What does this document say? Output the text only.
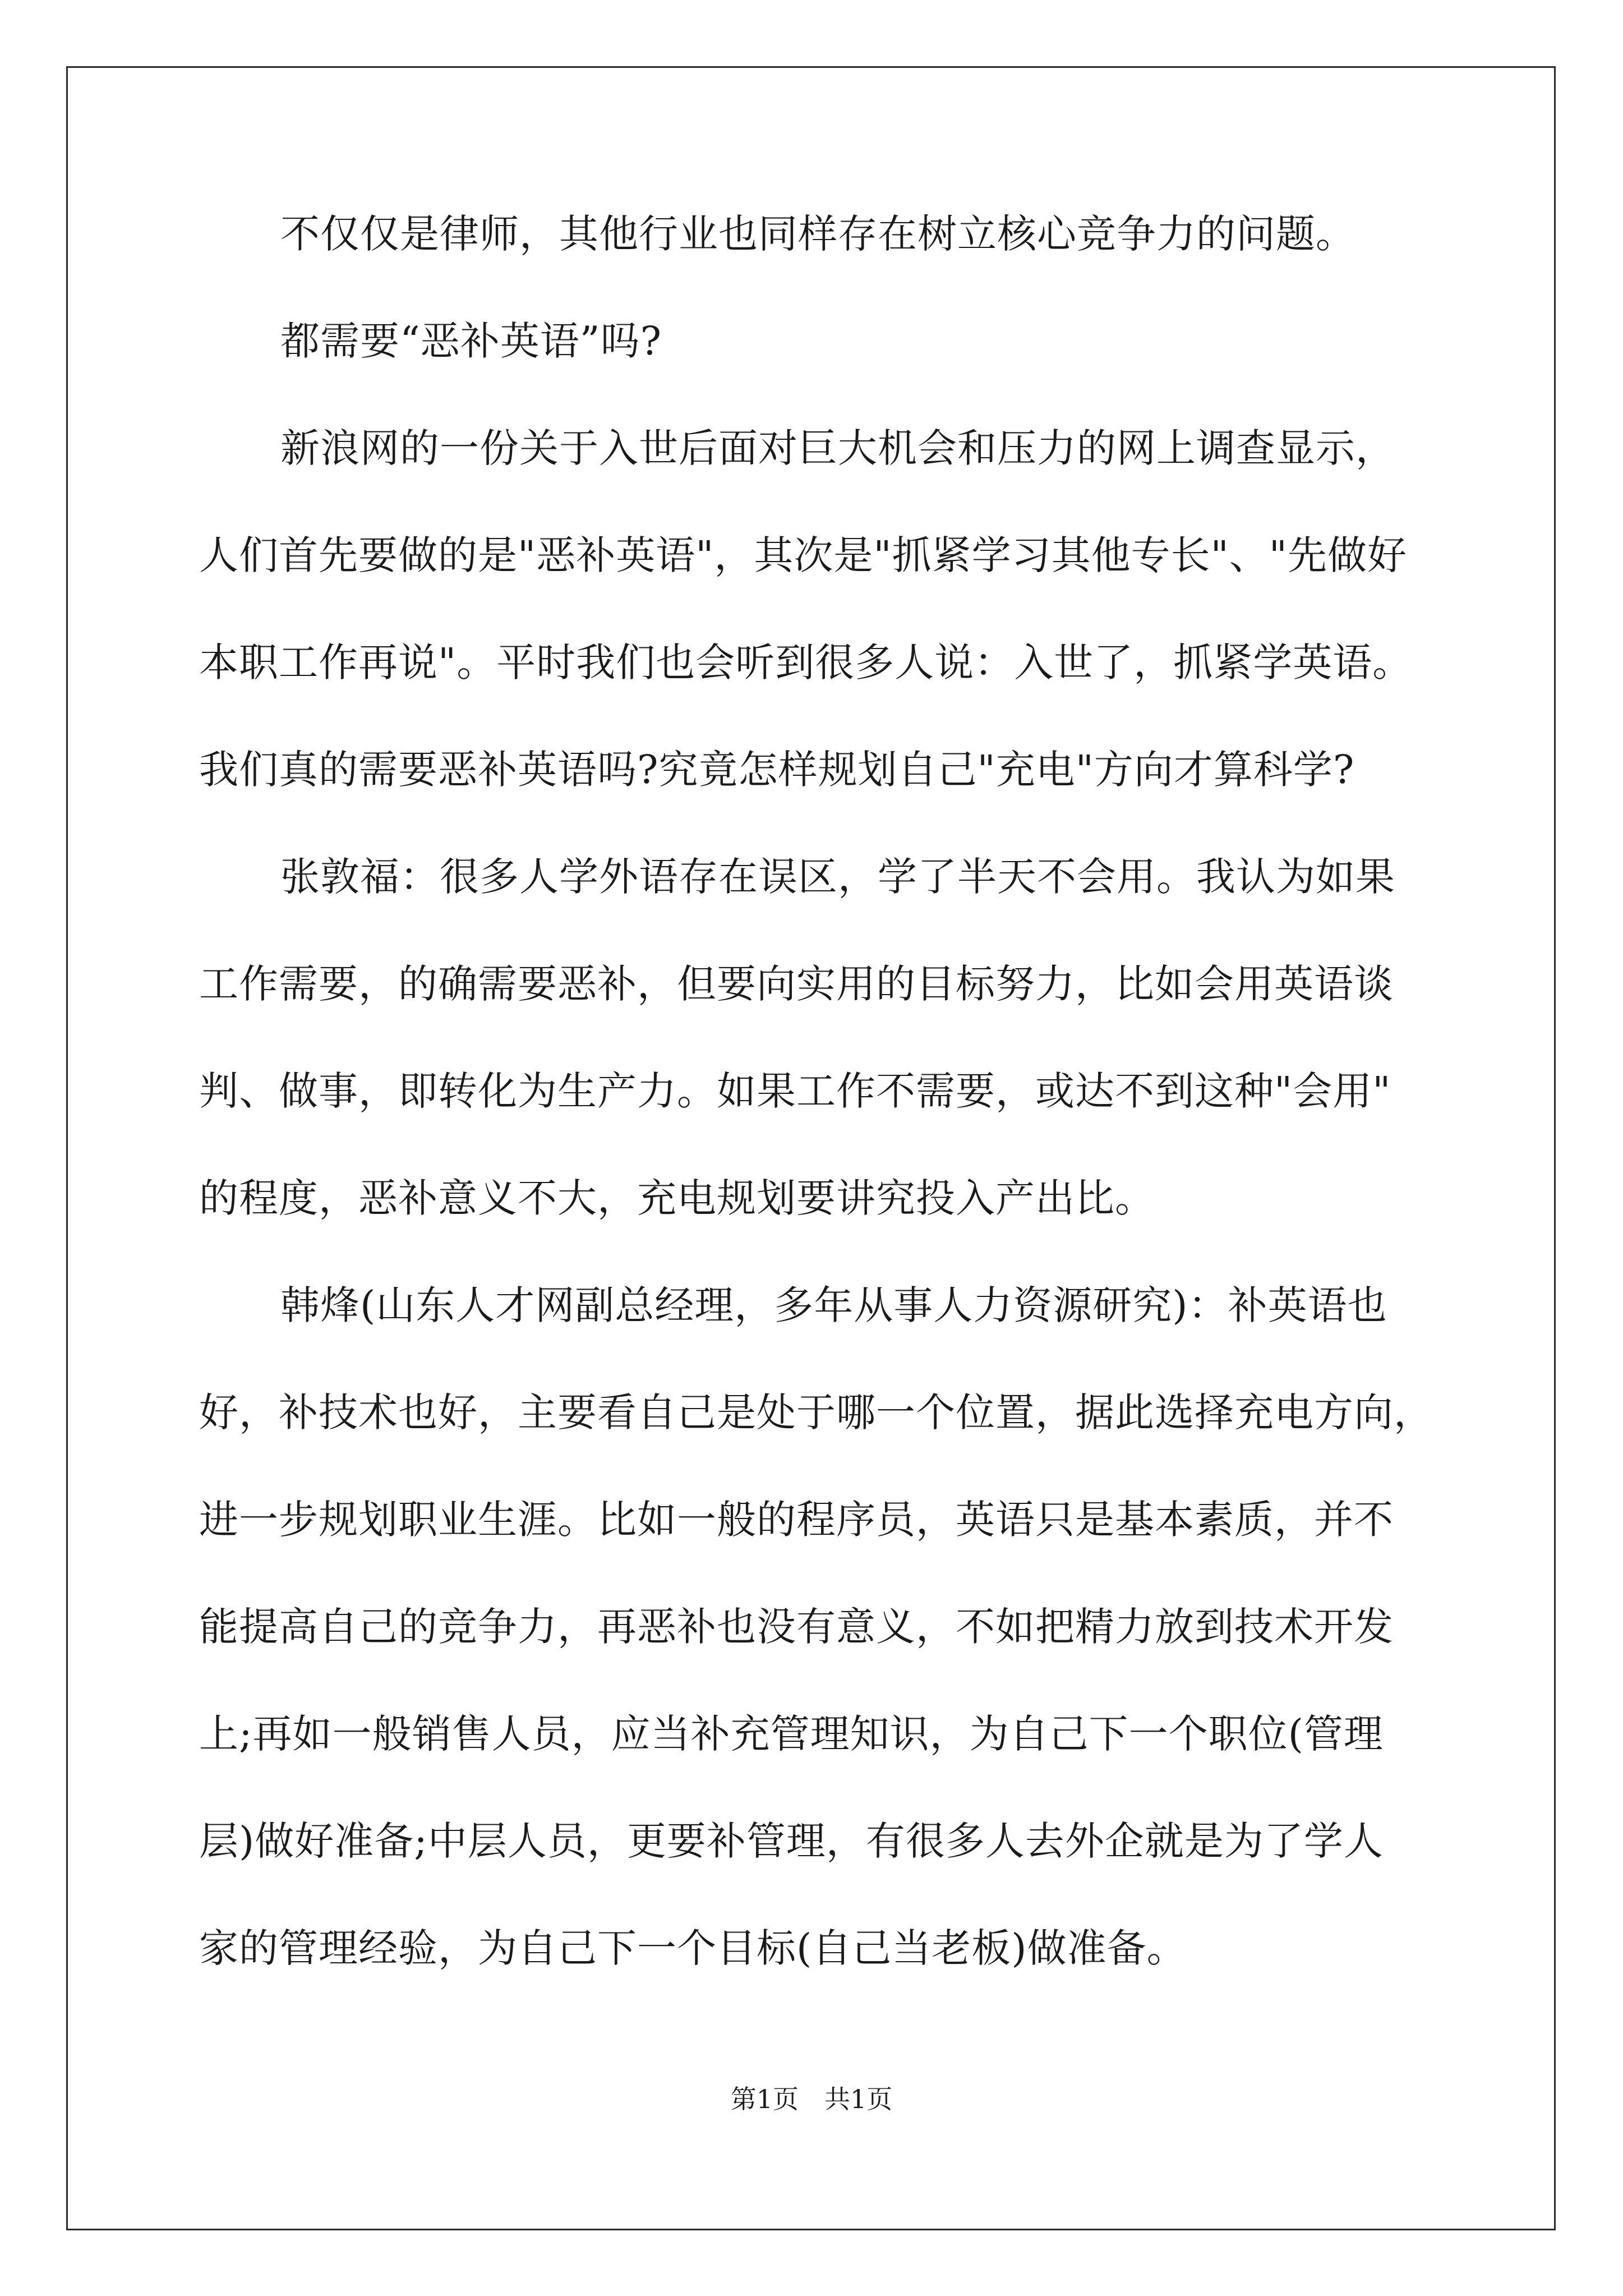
不仅仅是律师，其他行业也同样存在树立核心竞争力的问题。
都需要“恶补英语”吗?
新浪网的一份关于入世后面对巨大机会和压力的网上调查显示，
人们首先要做的是"恶补英语"，其次是"抓紧学习其他专长"、"先做好
本职工作再说"。平时我们也会听到很多人说：入世了，抓紧学英语。
我们真的需要恶补英语吗?究竟怎样规划自己"充电"方向才算科学?
张敦福：很多人学外语存在误区，学了半天不会用。我认为如果
工作需要，的确需要恶补，但要向实用的目标努力，比如会用英语谈
判、做事，即转化为生产力。如果工作不需要，或达不到这种"会用"
的程度，恶补意义不大，充电规划要讲究投入产出比。
韩烽(山东人才网副总经理，多年从事人力资源研究)：补英语也
好，补技术也好，主要看自己是处于哪一个位置，据此选择充电方向，
进一步规划职业生涯。比如一般的程序员，英语只是基本素质，并不
能提高自己的竞争力，再恶补也没有意义，不如把精力放到技术开发
上;再如一般销售人员，应当补充管理知识，为自己下一个职位(管理
层)做好准备;中层人员，更要补管理，有很多人去外企就是为了学人
家的管理经验，为自己下一个目标(自己当老板)做准备。
第1页　共1页
